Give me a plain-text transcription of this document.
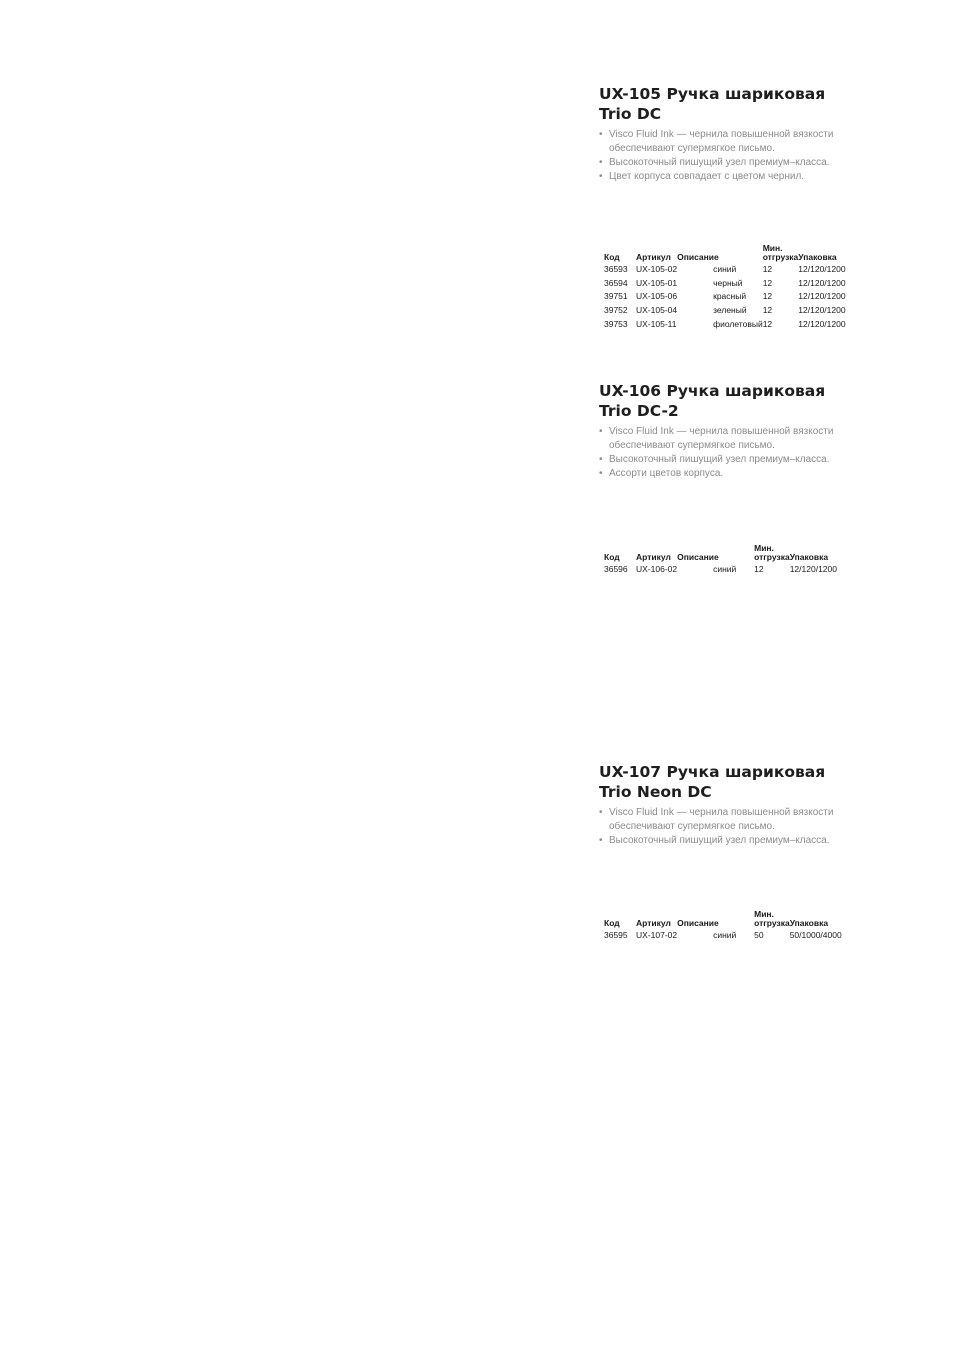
UX-105 Ручка шариковая Trio DC
• Visco Fluid Ink — чернила повышенной вязкости обеспечивают супермягкое письмо.
• Высокоточный пишущий узел премиум–класса.
• Цвет корпуса совпадает с цветом чернил.
Код	Артикул	Описание		Мин.
отгрузка	Упаковка
36593	UX-105-02		синий	12	12/120/1200
36594	UX-105-01		черный	12	12/120/1200
39751	UX-105-06		красный	12	12/120/1200
39752	UX-105-04		зеленый	12	12/120/1200
39753	UX-105-11		фиолетовый	12	12/120/1200
UX-106 Ручка шариковая Trio DC-2
• Visco Fluid Ink — чернила повышенной вязкости обеспечивают супермягкое письмо.
• Высокоточный пишущий узел премиум–класса.
• Ассорти цветов корпуса.
Код	Артикул	Описание		Мин.
отгрузка	Упаковка
36596	UX-106-02		синий	12	12/120/1200
UX-107 Ручка шариковая Trio Neon DC
• Visco Fluid Ink — чернила повышенной вязкости обеспечивают супермягкое письмо.
• Высокоточный пишущий узел премиум–класса.
Код	Артикул	Описание		Мин.
отгрузка	Упаковка
36595	UX-107-02		синий	50	50/1000/4000
